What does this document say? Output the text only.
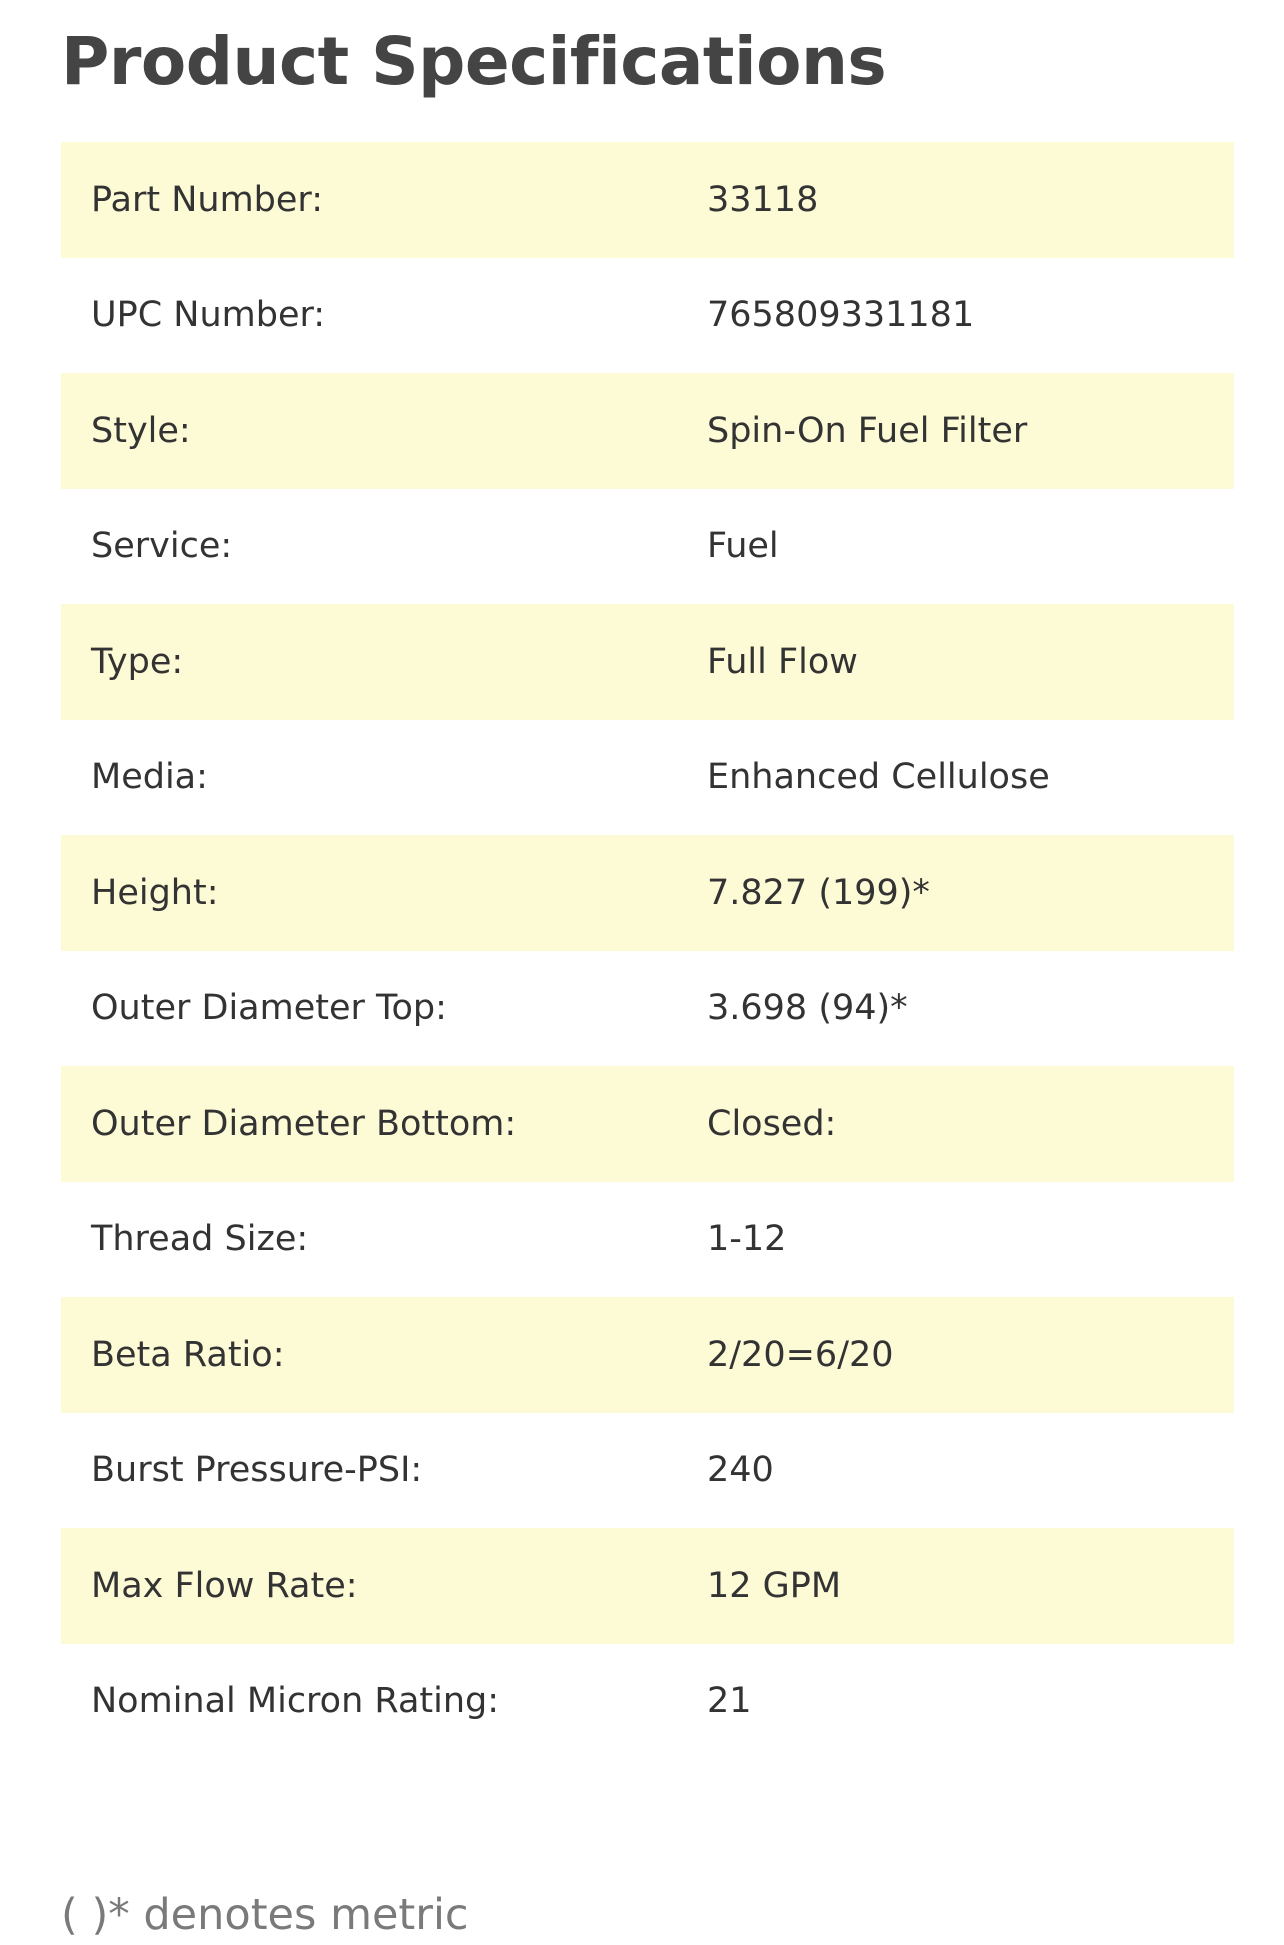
Product Specifications
Part Number:	33118
UPC Number:	765809331181
Style:	Spin-On Fuel Filter
Service:	Fuel
Type:	Full Flow
Media:	Enhanced Cellulose
Height:	7.827 (199)*
Outer Diameter Top:	3.698 (94)*
Outer Diameter Bottom:	Closed:
Thread Size:	1-12
Beta Ratio:	2/20=6/20
Burst Pressure-PSI:	240
Max Flow Rate:	12 GPM
Nominal Micron Rating:	21

( )* denotes metric
